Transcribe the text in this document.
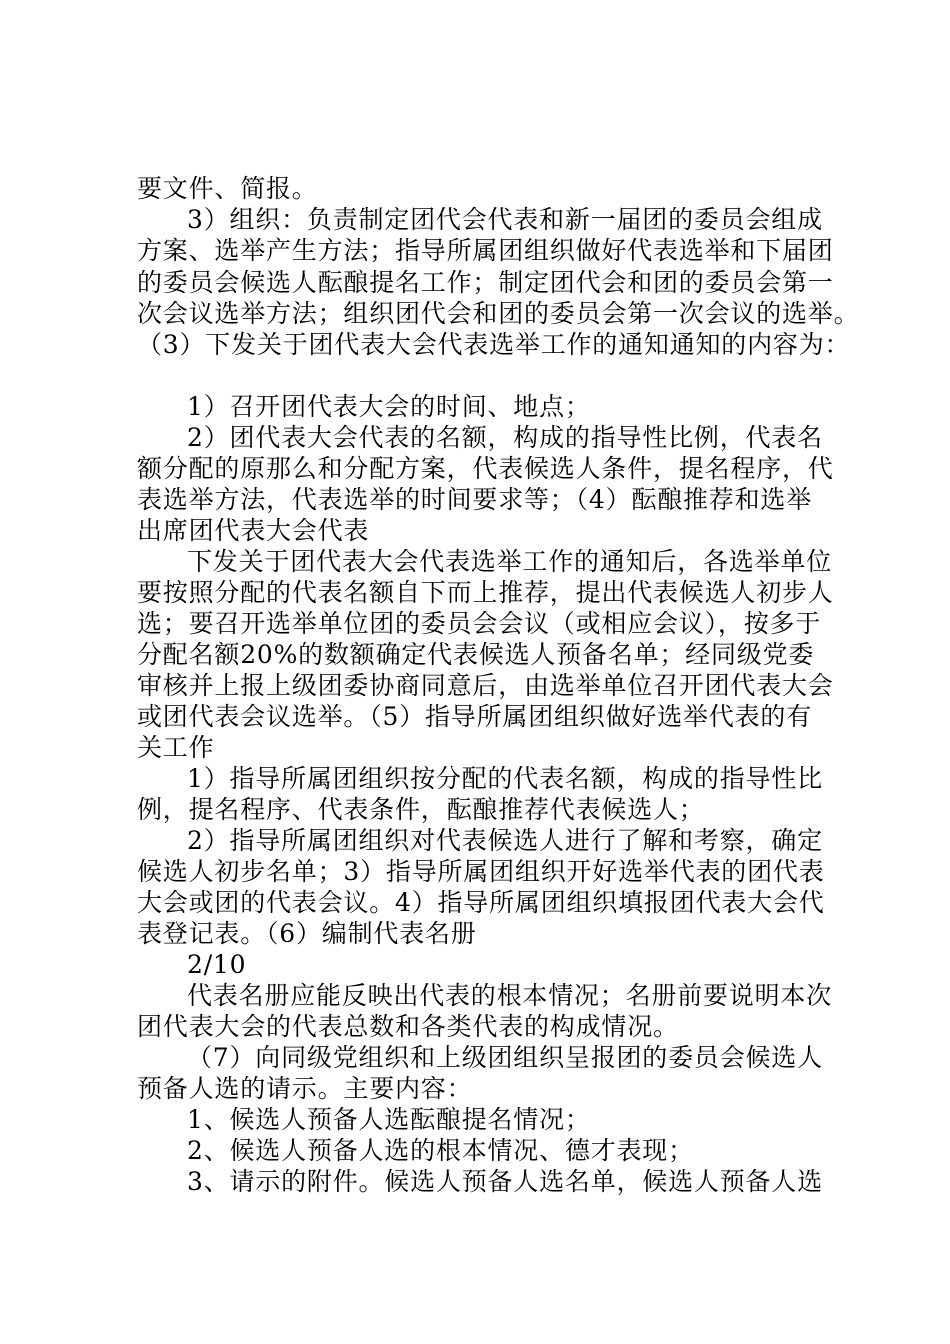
要文件、简报。
3）组织：负责制定团代会代表和新一届团的委员会组成
方案、选举产生方法；指导所属团组织做好代表选举和下届团
的委员会候选人酝酿提名工作；制定团代会和团的委员会第一
次会议选举方法；组织团代会和团的委员会第一次会议的选举。
（3）下发关于团代表大会代表选举工作的通知通知的内容为：
1）召开团代表大会的时间、地点；
2）团代表大会代表的名额，构成的指导性比例，代表名
额分配的原那么和分配方案，代表候选人条件，提名程序，代
表选举方法，代表选举的时间要求等；（4）酝酿推荐和选举
出席团代表大会代表
下发关于团代表大会代表选举工作的通知后，各选举单位
要按照分配的代表名额自下而上推荐，提出代表候选人初步人
选；要召开选举单位团的委员会会议（或相应会议），按多于
分配名额20%的数额确定代表候选人预备名单；经同级党委
审核并上报上级团委协商同意后，由选举单位召开团代表大会
或团代表会议选举。（5）指导所属团组织做好选举代表的有
关工作
1）指导所属团组织按分配的代表名额，构成的指导性比
例，提名程序、代表条件，酝酿推荐代表候选人；
2）指导所属团组织对代表候选人进行了解和考察，确定
候选人初步名单；3）指导所属团组织开好选举代表的团代表
大会或团的代表会议。4）指导所属团组织填报团代表大会代
表登记表。（6）编制代表名册
2/10
代表名册应能反映出代表的根本情况；名册前要说明本次
团代表大会的代表总数和各类代表的构成情况。
（7）向同级党组织和上级团组织呈报团的委员会候选人
预备人选的请示。主要内容：
1、候选人预备人选酝酿提名情况；
2、候选人预备人选的根本情况、德才表现；
3、请示的附件。候选人预备人选名单，候选人预备人选
